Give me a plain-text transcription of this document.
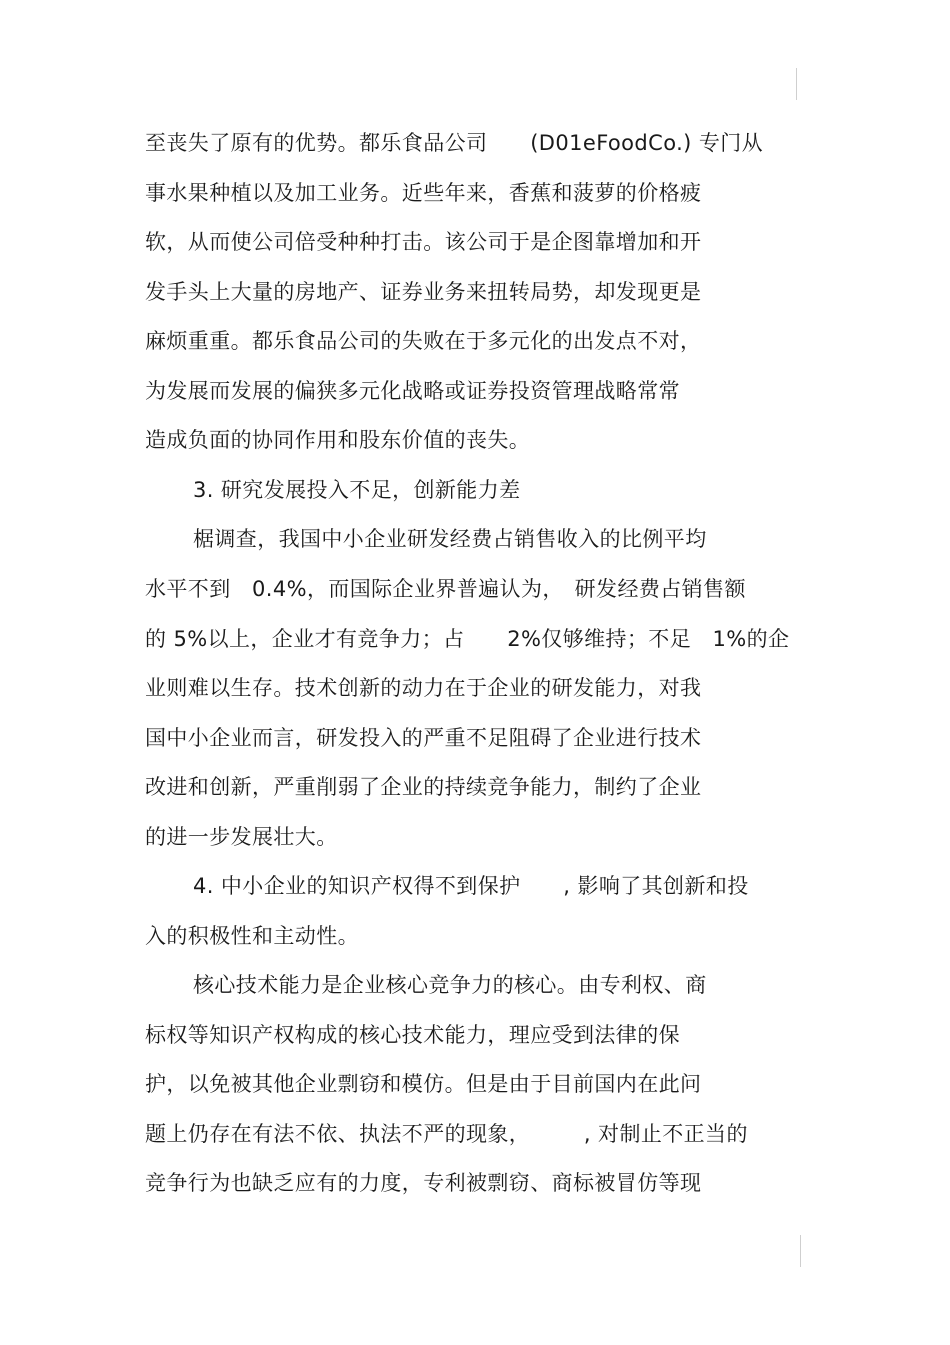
至丧失了原有的优势。都乐食品公司　　(D01eFoodCo.) 专门从

事水果种植以及加工业务。近些年来，香蕉和菠萝的价格疲

软，从而使公司倍受种种打击。该公司于是企图靠增加和开

发手头上大量的房地产、证券业务来扭转局势，却发现更是

麻烦重重。都乐食品公司的失败在于多元化的出发点不对，

为发展而发展的偏狭多元化战略或证券投资管理战略常常

造成负面的协同作用和股东价值的丧失。

3. 研究发展投入不足，创新能力差

椐调查，我国中小企业研发经费占销售收入的比例平均

水平不到　0.4%，而国际企业界普遍认为，　研发经费占销售额

的 5%以上，企业才有竞争力；占　　2%仅够维持；不足　1%的企

业则难以生存。技术创新的动力在于企业的研发能力，对我

国中小企业而言，研发投入的严重不足阻碍了企业进行技术

改进和创新，严重削弱了企业的持续竞争能力，制约了企业

的进一步发展壮大。

4. 中小企业的知识产权得不到保护　　, 影响了其创新和投

入的积极性和主动性。

核心技术能力是企业核心竞争力的核心。由专利权、商

标权等知识产权构成的核心技术能力，理应受到法律的保

护，以免被其他企业剽窃和模仿。但是由于目前国内在此问

题上仍存在有法不依、执法不严的现象，　　　, 对制止不正当的

竞争行为也缺乏应有的力度，专利被剽窃、商标被冒仿等现
